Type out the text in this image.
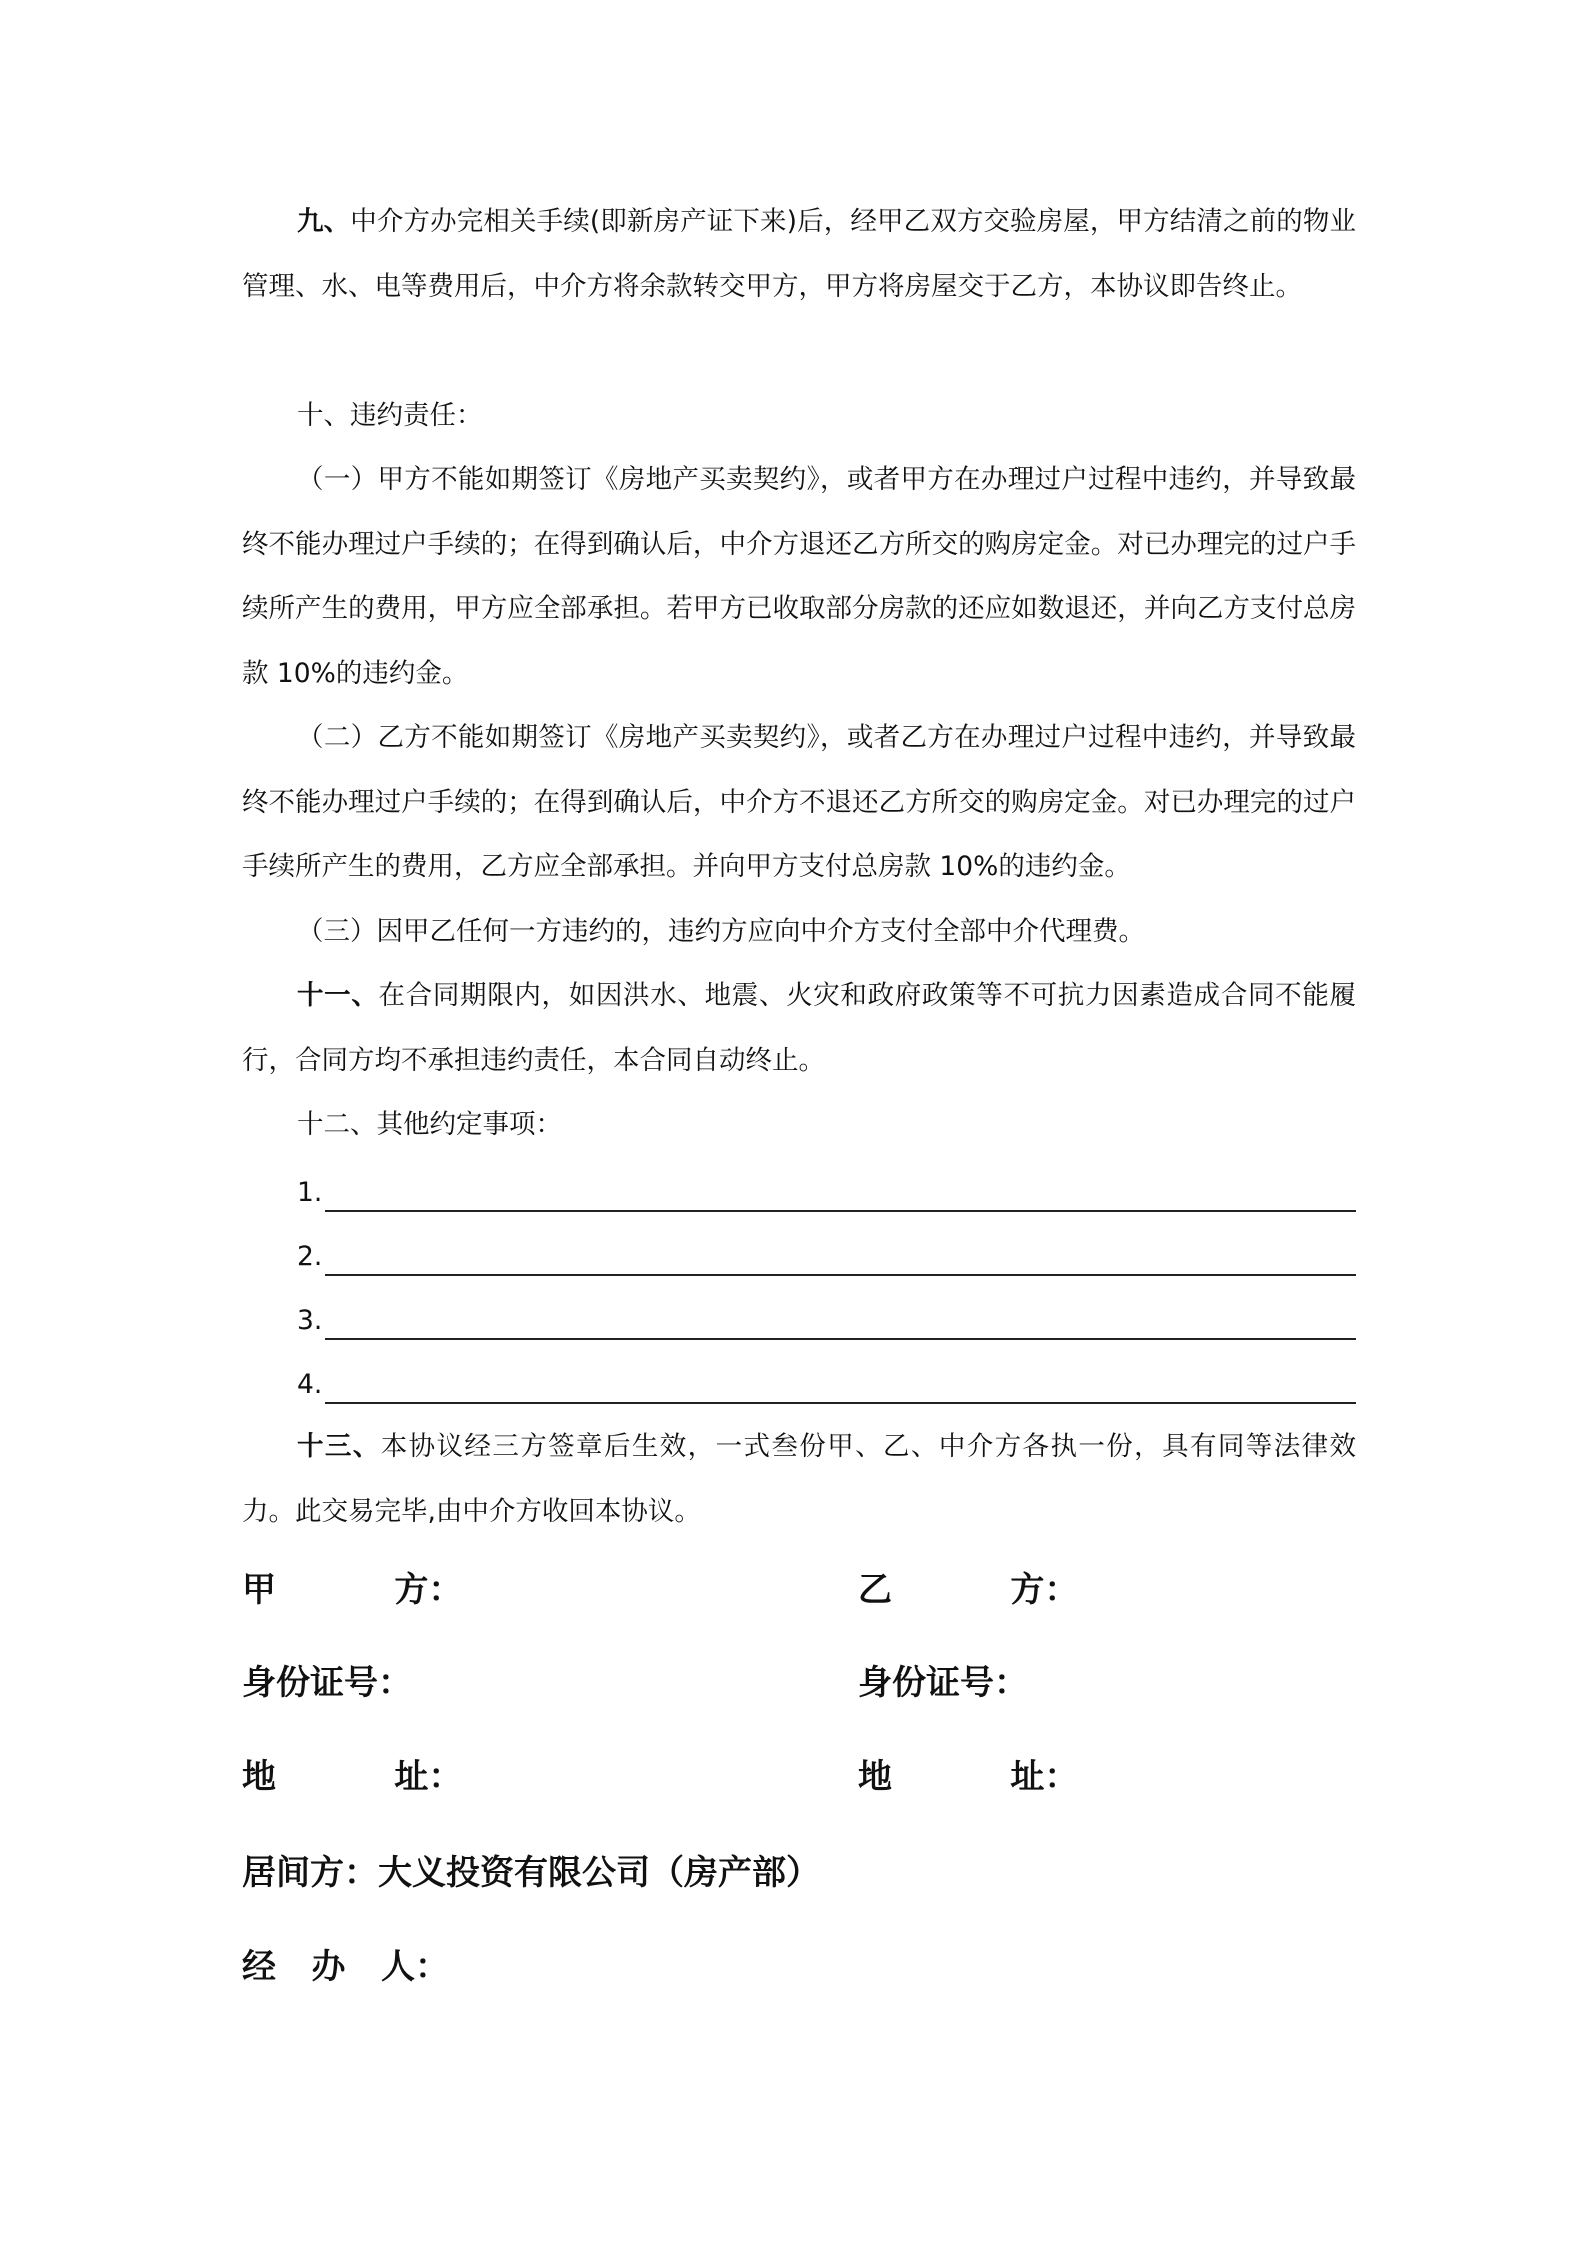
九、中介方办完相关手续(即新房产证下来)后，经甲乙双方交验房屋，甲方结清之前的物业管理、水、电等费用后，中介方将余款转交甲方，甲方将房屋交于乙方，本协议即告终止。

十、违约责任：

（一）甲方不能如期签订《房地产买卖契约》，或者甲方在办理过户过程中违约，并导致最终不能办理过户手续的；在得到确认后，中介方退还乙方所交的购房定金。对已办理完的过户手续所产生的费用，甲方应全部承担。若甲方已收取部分房款的还应如数退还，并向乙方支付总房款 10%的违约金。

（二）乙方不能如期签订《房地产买卖契约》，或者乙方在办理过户过程中违约，并导致最终不能办理过户手续的；在得到确认后，中介方不退还乙方所交的购房定金。对已办理完的过户手续所产生的费用，乙方应全部承担。并向甲方支付总房款 10%的违约金。

（三）因甲乙任何一方违约的，违约方应向中介方支付全部中介代理费。

十一、在合同期限内，如因洪水、地震、火灾和政府政策等不可抗力因素造成合同不能履行，合同方均不承担违约责任，本合同自动终止。

十二、其他约定事项：

1.
2.
3.
4.

十三、本协议经三方签章后生效，一式叁份甲、乙、中介方各执一份，具有同等法律效力。此交易完毕,由中介方收回本协议。

甲          方：	乙          方：
身份证号：	身份证号：
地          址：	地          址：
居间方：大义投资有限公司（房产部）
经   办   人：
